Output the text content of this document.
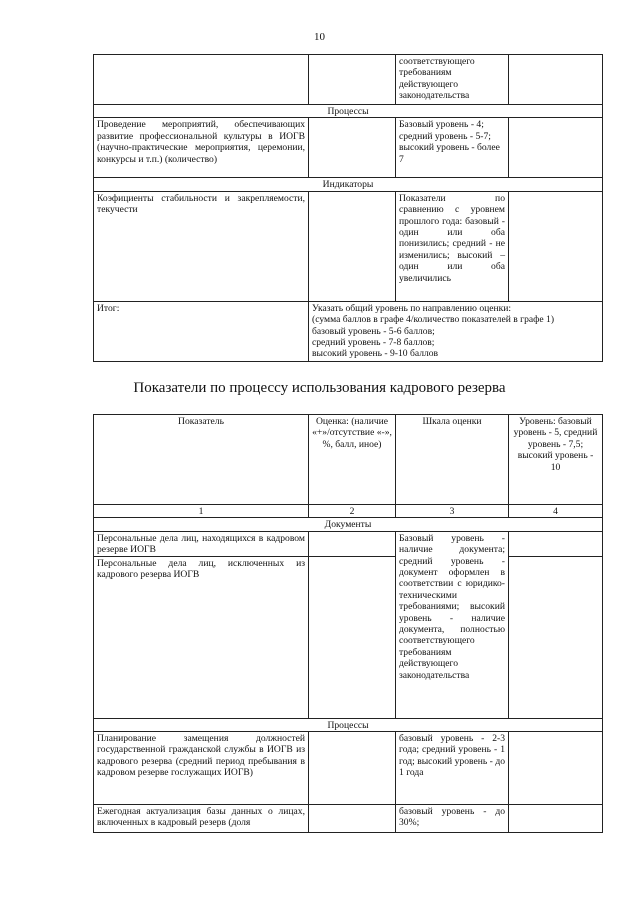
10
		соответствующего требованиям действующего законодательства	
Процессы			
Проведение мероприятий, обеспечивающих развитие профессиональной культуры в ИОГВ (научно-практические мероприятия, церемонии, конкурсы и т.п.) (количество)		Базовый уровень - 4; средний уровень - 5-7; высокий уровень - более 7	
Индикаторы			
Коэфициенты стабильности и закрепляемости, текучести		Показатели по сравнению с уровнем прошлого года: базовый - один или оба понизились; средний - не изменились; высокий – один или оба увеличились	
Итог:	Указать общий уровень по направлению оценки:
(сумма баллов в графе 4/количество показателей в графе 1)
базовый уровень - 5-6 баллов;
средний уровень - 7-8 баллов;
высокий уровень - 9-10 баллов		
Показатели по процессу использования кадрового резерва
Показатель	Оценка: (наличие «+»/отсутствие «-», %, балл, иное)	Шкала оценки	Уровень: базовый уровень - 5, средний уровень - 7,5; высокий уровень - 10
1	2	3	4
Документы			
Персональные дела лиц, находящихся в кадровом резерве ИОГВ		Базовый уровень - наличие документа; средний уровень - документ оформлен в соответствии с юридико-техническими требованиями; высокий уровень - наличие документа, полностью соответствующего требованиям действующего законодательства	
Персональные дела лиц, исключенных из кадрового резерва ИОГВ			
Процессы			
Планирование замещения должностей государственной гражданской службы в ИОГВ из кадрового резерва (средний период пребывания в кадровом резерве гослужащих ИОГВ)		базовый уровень - 2-3 года; средний уровень - 1 год; высокий уровень - до 1 года	
Ежегодная актуализация базы данных о лицах, включенных в кадровый резерв (доля		базовый уровень - до 30%;	
